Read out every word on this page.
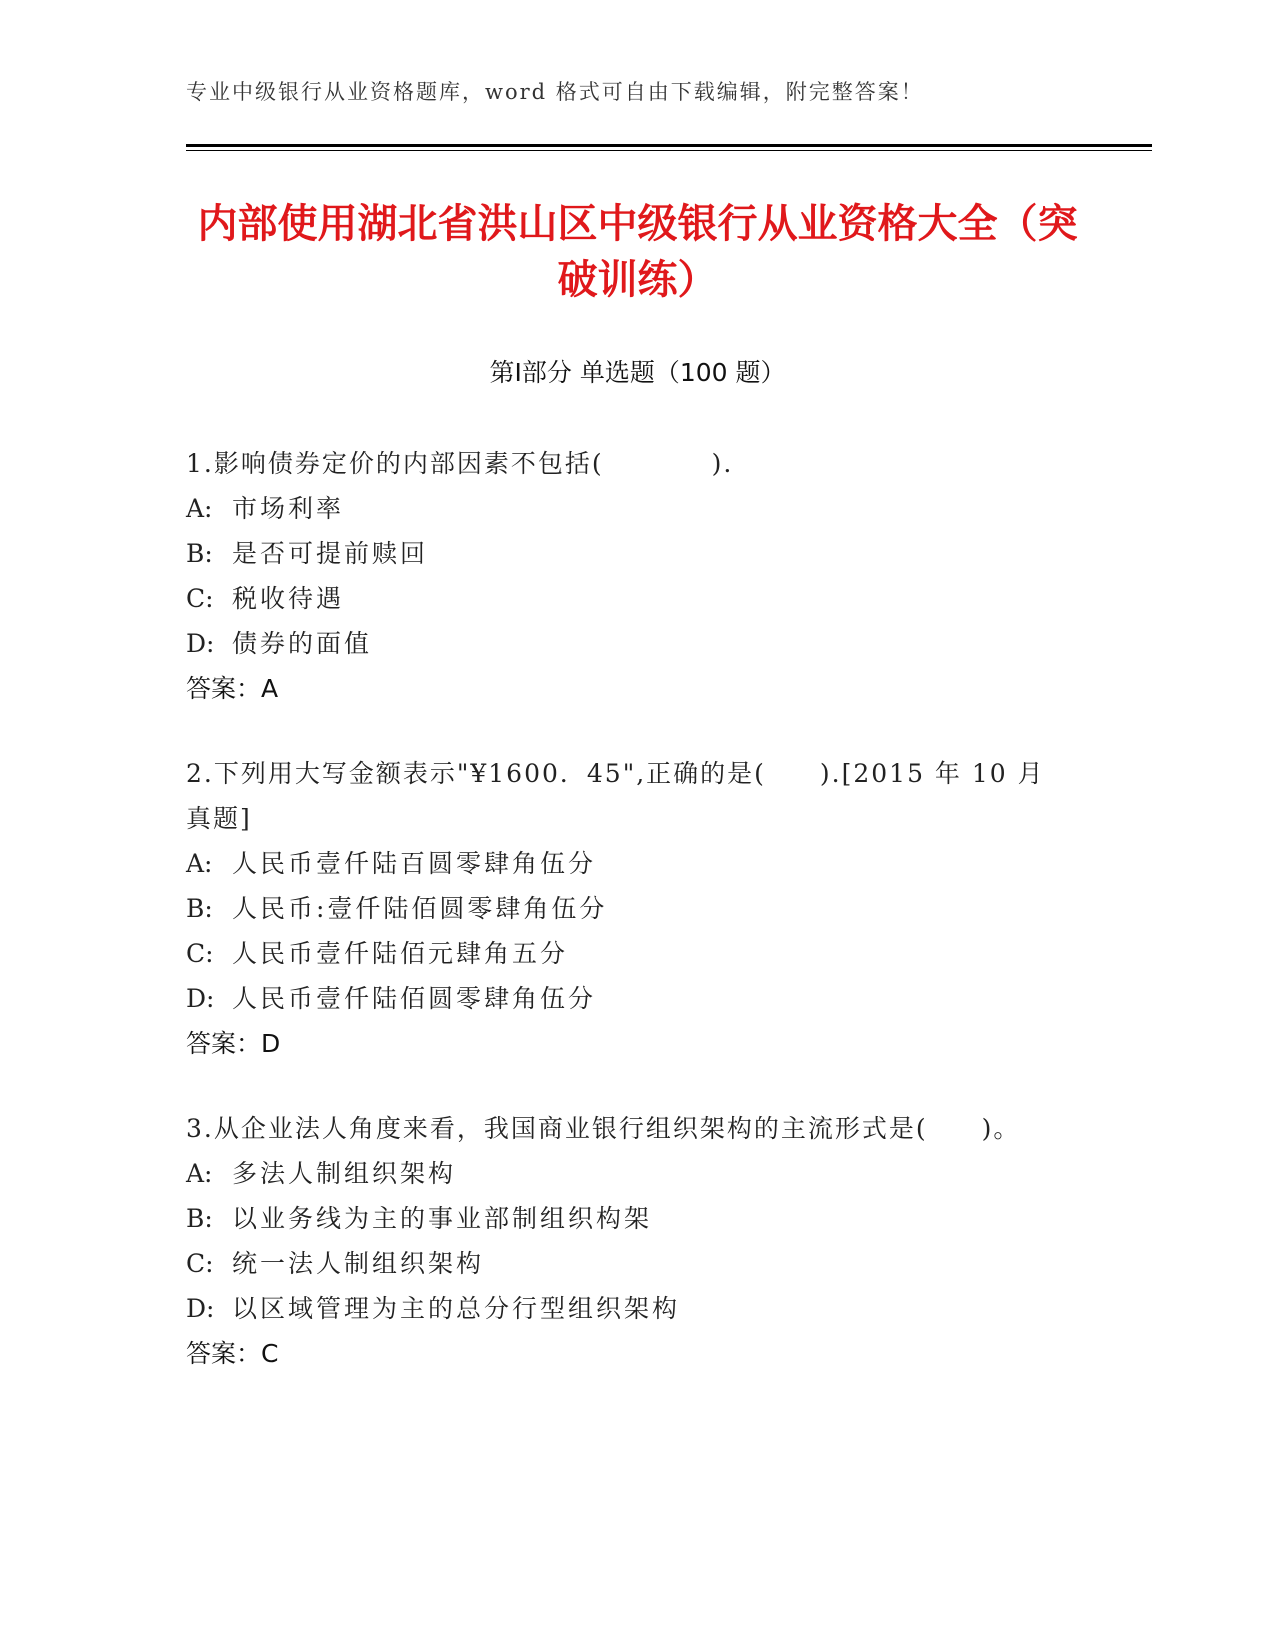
专业中级银行从业资格题库，word 格式可自由下载编辑，附完整答案！
内部使用湖北省洪山区中级银行从业资格大全（突破训练）
第Ⅰ部分 单选题（100 题）
1.影响债券定价的内部因素不包括(　　　　).
A: 市场利率
B: 是否可提前赎回
C: 税收待遇
D: 债券的面值
答案：A
2.下列用大写金额表示"¥1600．45",正确的是(　　).[2015 年 10 月真题]
A: 人民币壹仟陆百圆零肆角伍分
B: 人民币:壹仟陆佰圆零肆角伍分
C: 人民币壹仟陆佰元肆角五分
D: 人民币壹仟陆佰圆零肆角伍分
答案：D
3.从企业法人角度来看，我国商业银行组织架构的主流形式是(　　)。
A: 多法人制组织架构
B: 以业务线为主的事业部制组织构架
C: 统一法人制组织架构
D: 以区域管理为主的总分行型组织架构
答案：C
